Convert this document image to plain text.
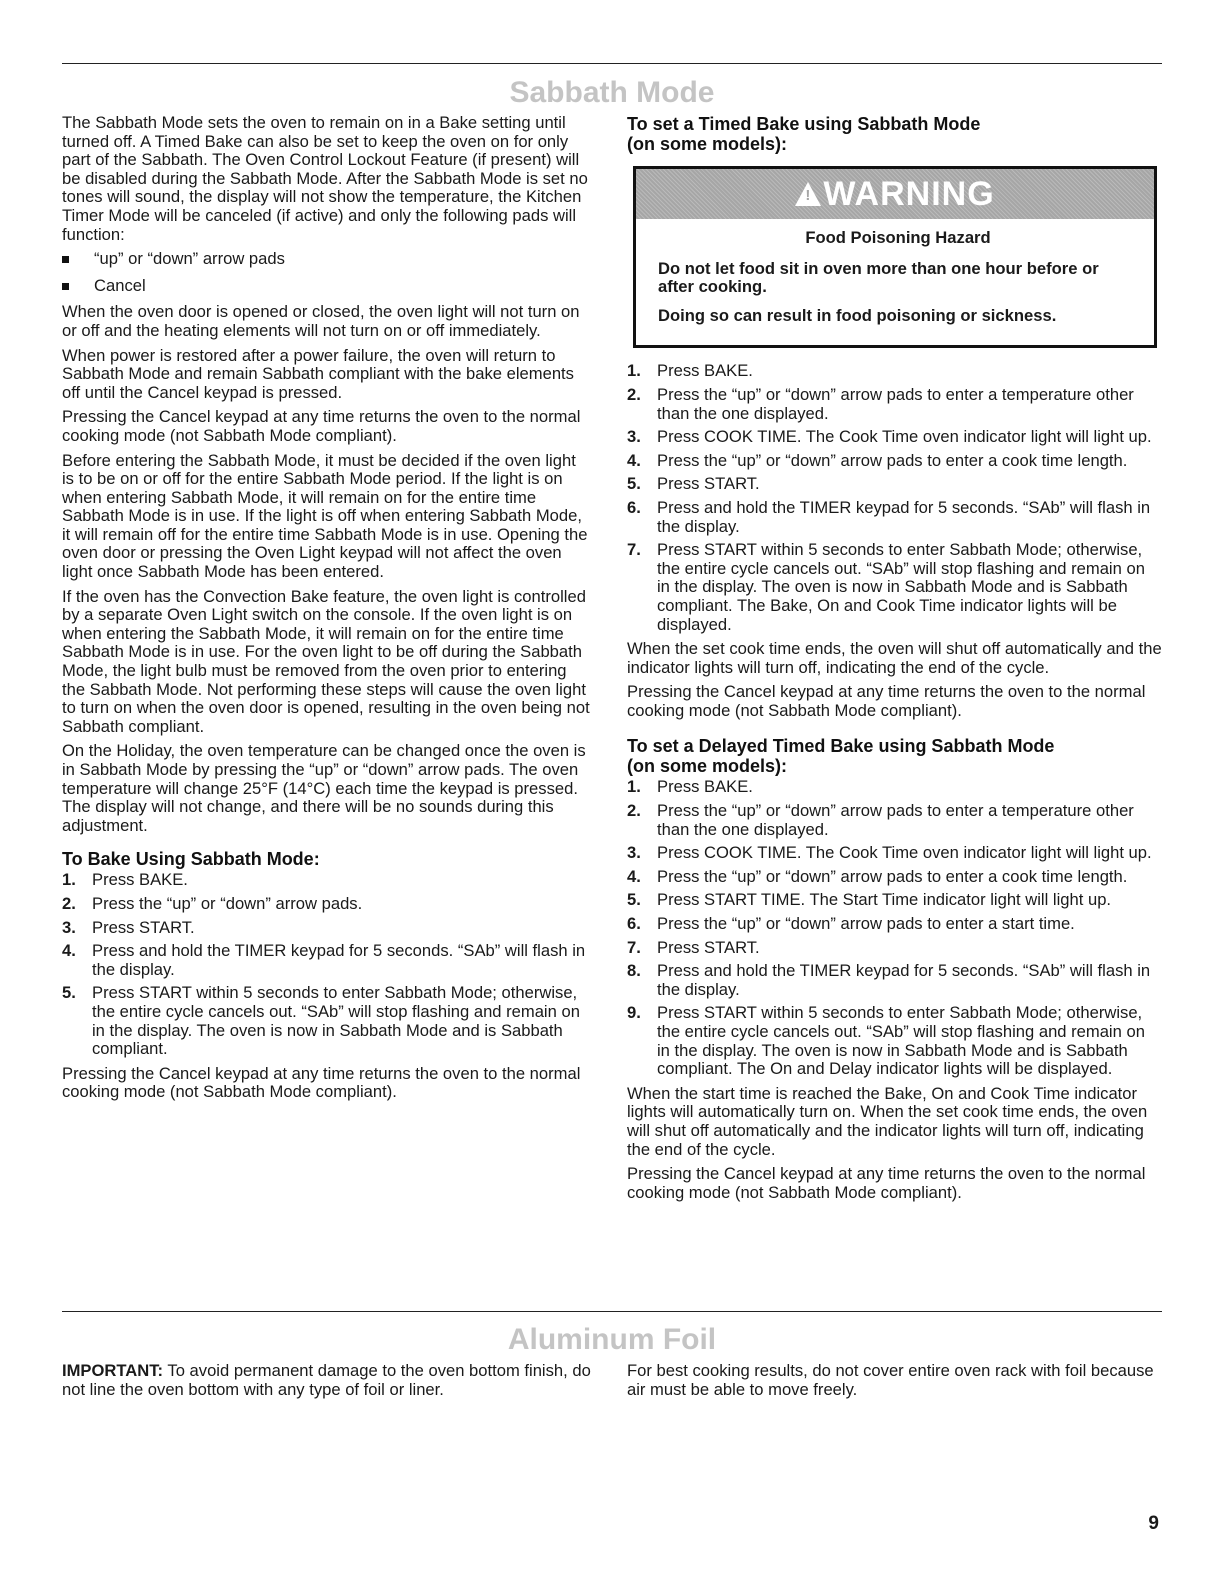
Sabbath Mode

The Sabbath Mode sets the oven to remain on in a Bake setting until turned off. A Timed Bake can also be set to keep the oven on for only part of the Sabbath. The Oven Control Lockout Feature (if present) will be disabled during the Sabbath Mode. After the Sabbath Mode is set no tones will sound, the display will not show the temperature, the Kitchen Timer Mode will be canceled (if active) and only the following pads will function:

“up” or “down” arrow pads
Cancel

When the oven door is opened or closed, the oven light will not turn on or off and the heating elements will not turn on or off immediately.

When power is restored after a power failure, the oven will return to Sabbath Mode and remain Sabbath compliant with the bake elements off until the Cancel keypad is pressed.

Pressing the Cancel keypad at any time returns the oven to the normal cooking mode (not Sabbath Mode compliant).

Before entering the Sabbath Mode, it must be decided if the oven light is to be on or off for the entire Sabbath Mode period. If the light is on when entering Sabbath Mode, it will remain on for the entire time Sabbath Mode is in use. If the light is off when entering Sabbath Mode, it will remain off for the entire time Sabbath Mode is in use. Opening the oven door or pressing the Oven Light keypad will not affect the oven light once Sabbath Mode has been entered.

If the oven has the Convection Bake feature, the oven light is controlled by a separate Oven Light switch on the console. If the oven light is on when entering the Sabbath Mode, it will remain on for the entire time Sabbath Mode is in use. For the oven light to be off during the Sabbath Mode, the light bulb must be removed from the oven prior to entering the Sabbath Mode. Not performing these steps will cause the oven light to turn on when the oven door is opened, resulting in the oven being not Sabbath compliant.

On the Holiday, the oven temperature can be changed once the oven is in Sabbath Mode by pressing the “up” or “down” arrow pads. The oven temperature will change 25°F (14°C) each time the keypad is pressed. The display will not change, and there will be no sounds during this adjustment.

To Bake Using Sabbath Mode:
1. Press BAKE.
2. Press the “up” or “down” arrow pads.
3. Press START.
4. Press and hold the TIMER keypad for 5 seconds. “SAb” will flash in the display.
5. Press START within 5 seconds to enter Sabbath Mode; otherwise, the entire cycle cancels out. “SAb” will stop flashing and remain on in the display. The oven is now in Sabbath Mode and is Sabbath compliant.

Pressing the Cancel keypad at any time returns the oven to the normal cooking mode (not Sabbath Mode compliant).

To set a Timed Bake using Sabbath Mode
(on some models):
! WARNING
Food Poisoning Hazard

Do not let food sit in oven more than one hour before or after cooking.

Doing so can result in food poisoning or sickness.

1. Press BAKE.
2. Press the “up” or “down” arrow pads to enter a temperature other than the one displayed.
3. Press COOK TIME. The Cook Time oven indicator light will light up.
4. Press the “up” or “down” arrow pads to enter a cook time length.
5. Press START.
6. Press and hold the TIMER keypad for 5 seconds. “SAb” will flash in the display.
7. Press START within 5 seconds to enter Sabbath Mode; otherwise, the entire cycle cancels out. “SAb” will stop flashing and remain on in the display. The oven is now in Sabbath Mode and is Sabbath compliant. The Bake, On and Cook Time indicator lights will be displayed.

When the set cook time ends, the oven will shut off automatically and the indicator lights will turn off, indicating the end of the cycle.

Pressing the Cancel keypad at any time returns the oven to the normal cooking mode (not Sabbath Mode compliant).

To set a Delayed Timed Bake using Sabbath Mode
(on some models):
1. Press BAKE.
2. Press the “up” or “down” arrow pads to enter a temperature other than the one displayed.
3. Press COOK TIME. The Cook Time oven indicator light will light up.
4. Press the “up” or “down” arrow pads to enter a cook time length.
5. Press START TIME. The Start Time indicator light will light up.
6. Press the “up” or “down” arrow pads to enter a start time.
7. Press START.
8. Press and hold the TIMER keypad for 5 seconds. “SAb” will flash in the display.
9. Press START within 5 seconds to enter Sabbath Mode; otherwise, the entire cycle cancels out. “SAb” will stop flashing and remain on in the display. The oven is now in Sabbath Mode and is Sabbath compliant. The On and Delay indicator lights will be displayed.

When the start time is reached the Bake, On and Cook Time indicator lights will automatically turn on. When the set cook time ends, the oven will shut off automatically and the indicator lights will turn off, indicating the end of the cycle.

Pressing the Cancel keypad at any time returns the oven to the normal cooking mode (not Sabbath Mode compliant).

Aluminum Foil
IMPORTANT: To avoid permanent damage to the oven bottom finish, do not line the oven bottom with any type of foil or liner.
For best cooking results, do not cover entire oven rack with foil because air must be able to move freely.
9
